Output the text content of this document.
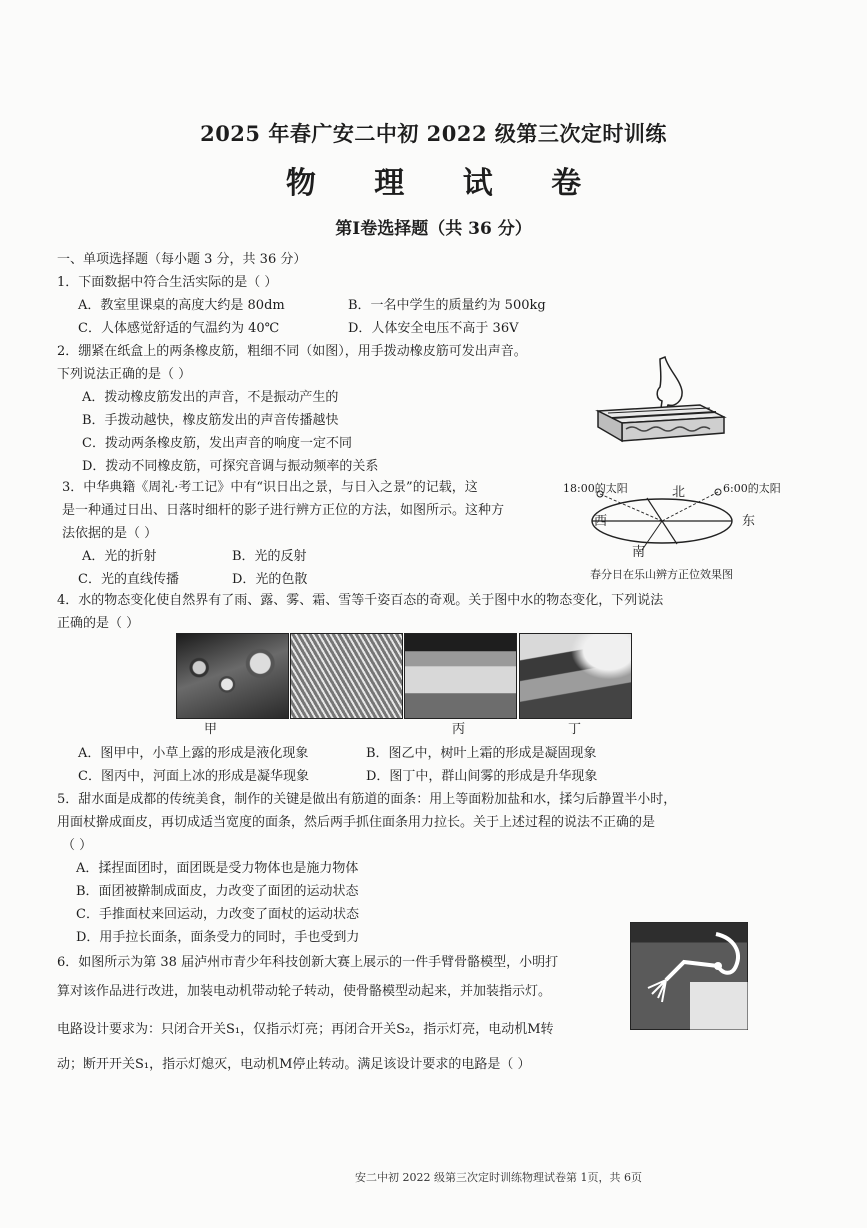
2025 年春广安二中初 2022 级第三次定时训练
物 理 试 卷
第Ⅰ卷选择题（共 36 分）
一、单项选择题（每小题 3 分，共 36 分）
1．下面数据中符合生活实际的是（ ）
A．教室里课桌的高度大约是 80dm	B．一名中学生的质量约为 500kg
C．人体感觉舒适的气温约为 40℃	D．人体安全电压不高于 36V
2．绷紧在纸盒上的两条橡皮筋，粗细不同（如图），用手拨动橡皮筋可发出声音。
下列说法正确的是（ ）
A．拨动橡皮筋发出的声音，不是振动产生的
B．手拨动越快，橡皮筋发出的声音传播越快
C．拨动两条橡皮筋，发出声音的响度一定不同
D．拨动不同橡皮筋，可探究音调与振动频率的关系
3．中华典籍《周礼·考工记》中有“识日出之景，与日入之景”的记载，这
是一种通过日出、日落时细杆的影子进行辨方正位的方法，如图所示。这种方
法依据的是（ ）
A．光的折射	B．光的反射
C．光的直线传播	D．光的色散
18:00的太阳	6:00的太阳
北
西	东
南
春分日在乐山辨方正位效果图
4．水的物态变化使自然界有了雨、露、雾、霜、雪等千姿百态的奇观。关于图中水的物态变化，下列说法
正确的是（ ）
甲	丙	丁
A．图甲中，小草上露的形成是液化现象	B．图乙中，树叶上霜的形成是凝固现象
C．图丙中，河面上冰的形成是凝华现象	D．图丁中，群山间雾的形成是升华现象
5．甜水面是成都的传统美食，制作的关键是做出有筋道的面条：用上等面粉加盐和水，揉匀后静置半小时，
用面杖擀成面皮，再切成适当宽度的面条，然后两手抓住面条用力拉长。关于上述过程的说法不正确的是
（ ）
A．揉捏面团时，面团既是受力物体也是施力物体
B．面团被擀制成面皮，力改变了面团的运动状态
C．手推面杖来回运动，力改变了面杖的运动状态
D．用手拉长面条，面条受力的同时，手也受到力
6．如图所示为第 38 届泸州市青少年科技创新大赛上展示的一件手臂骨骼模型，小明打
算对该作品进行改进，加装电动机带动轮子转动，使骨骼模型动起来，并加装指示灯。
电路设计要求为：只闭合开关S₁，仅指示灯亮；再闭合开关S₂，指示灯亮，电动机M转
动；断开开关S₁，指示灯熄灭，电动机M停止转动。满足该设计要求的电路是（ ）
安二中初 2022 级第三次定时训练物理试卷第 1页，共 6页
